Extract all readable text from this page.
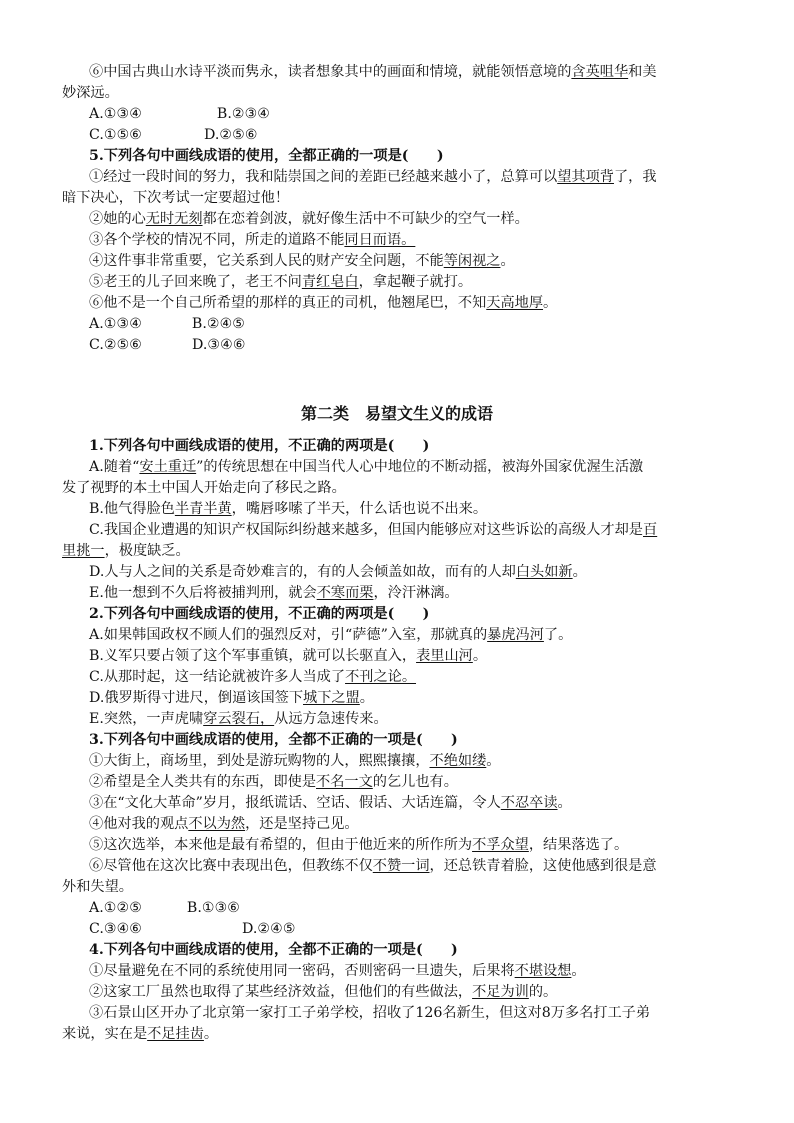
⑥中国古典山水诗平淡而隽永，读者想象其中的画面和情境，就能领悟意境的含英咀华和美
妙深远。
A.①③④	B.②③④
C.①⑤⑥	D.②⑤⑥
5.下列各句中画线成语的使用，全都正确的一项是(　　)
①经过一段时间的努力，我和陆崇国之间的差距已经越来越小了，总算可以望其项背了，我
暗下决心，下次考试一定要超过他！
②她的心无时无刻都在恋着剑波，就好像生活中不可缺少的空气一样。
③各个学校的情况不同，所走的道路不能同日而语。
④这件事非常重要，它关系到人民的财产安全问题，不能等闲视之。
⑤老王的儿子回来晚了，老王不问青红皂白，拿起鞭子就打。
⑥他不是一个自己所希望的那样的真正的司机，他翘尾巴，不知天高地厚。
A.①③④	B.②④⑤
C.②⑤⑥	D.③④⑥
第二类　易望文生义的成语
1.下列各句中画线成语的使用，不正确的两项是(　　)
A.随着“安土重迁”的传统思想在中国当代人心中地位的不断动摇，被海外国家优渥生活激
发了视野的本土中国人开始走向了移民之路。
B.他气得脸色半青半黄，嘴唇哆嗦了半天，什么话也说不出来。
C.我国企业遭遇的知识产权国际纠纷越来越多，但国内能够应对这些诉讼的高级人才却是百
里挑一，极度缺乏。
D.人与人之间的关系是奇妙难言的，有的人会倾盖如故，而有的人却白头如新。
E.他一想到不久后将被捕判刑，就会不寒而栗，泠汗淋漓。
2.下列各句中画线成语的使用，不正确的两项是(　　)
A.如果韩国政权不顾人们的强烈反对，引“萨德”入室，那就真的暴虎冯河了。
B.义军只要占领了这个军事重镇，就可以长驱直入，表里山河。
C.从那时起，这一结论就被许多人当成了不刊之论。
D.俄罗斯得寸进尺，倒逼该国签下城下之盟。
E.突然，一声虎啸穿云裂石，从远方急速传来。
3.下列各句中画线成语的使用，全都不正确的一项是(　　)
①大街上，商场里，到处是游玩购物的人，熙熙攘攘，不绝如缕。
②希望是全人类共有的东西，即使是不名一文的乞儿也有。
③在“文化大革命”岁月，报纸谎话、空话、假话、大话连篇，令人不忍卒读。
④他对我的观点不以为然，还是坚持己见。
⑤这次选举，本来他是最有希望的，但由于他近来的所作所为不孚众望，结果落选了。
⑥尽管他在这次比赛中表现出色，但教练不仅不赞一词，还总铁青着脸，这使他感到很是意
外和失望。
A.①②⑤	B.①③⑥
C.③④⑥	D.②④⑤
4.下列各句中画线成语的使用，全都不正确的一项是(　　)
①尽量避免在不同的系统使用同一密码，否则密码一旦遗失，后果将不堪设想。
②这家工厂虽然也取得了某些经济效益，但他们的有些做法，不足为训的。
③石景山区开办了北京第一家打工子弟学校，招收了126名新生，但这对8万多名打工子弟
来说，实在是不足挂齿。
